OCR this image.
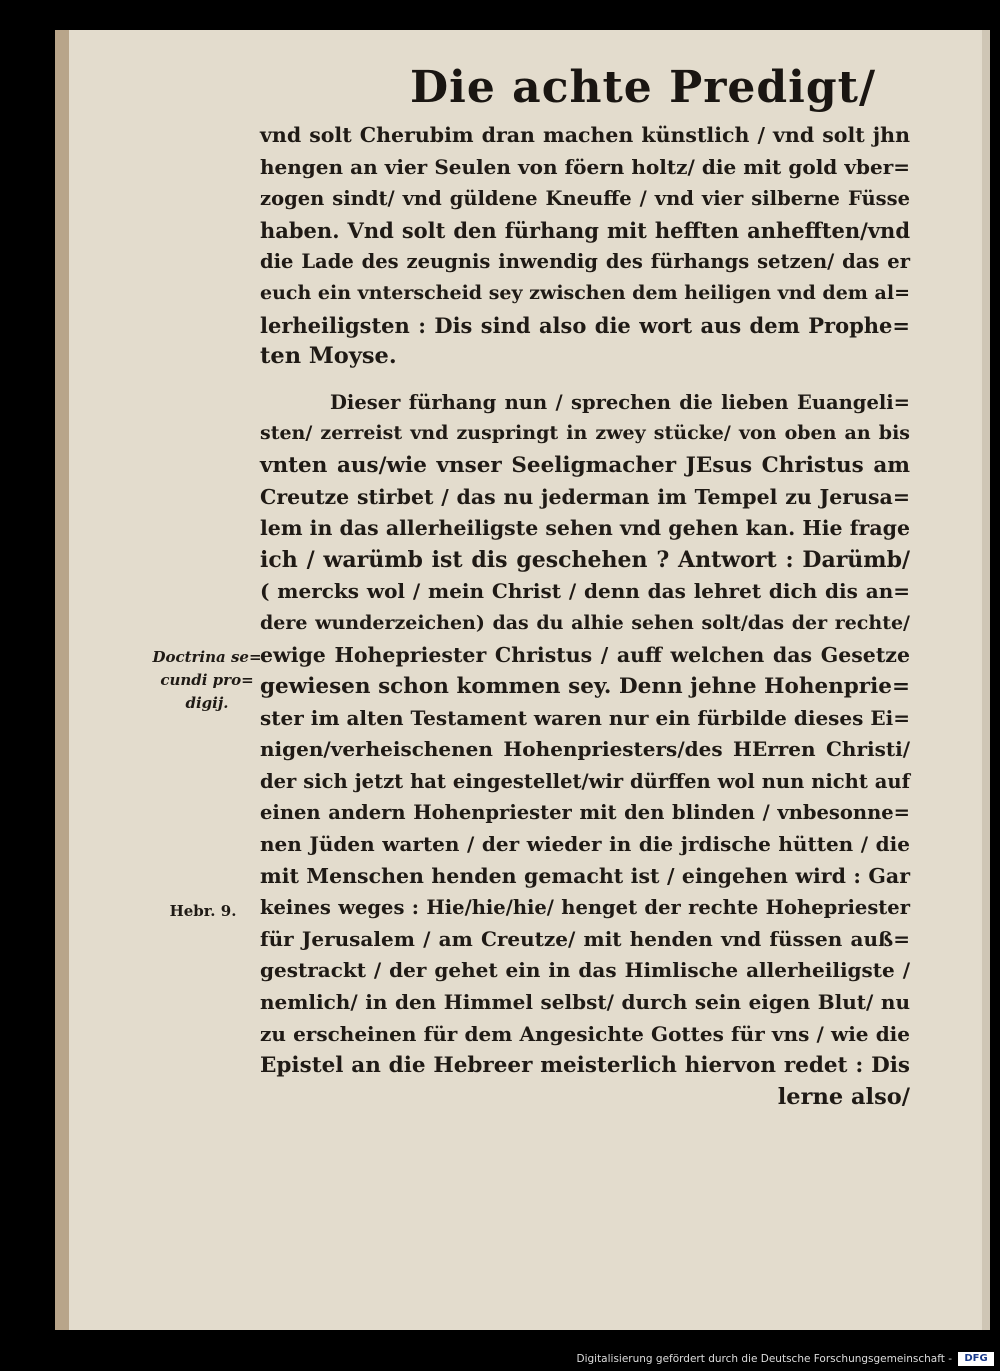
Die achte Predigt/
vnd solt Cherubim dran machen künstlich / vnd solt jhn
hengen an vier Seulen von föern holtz/ die mit gold vber=
zogen sindt/ vnd güldene Kneuffe / vnd vier silberne Füsse
haben. Vnd solt den fürhang mit hefften anhefften/vnd
die Lade des zeugnis inwendig des fürhangs setzen/ das er
euch ein vnterscheid sey zwischen dem heiligen vnd dem al=
lerheiligsten : Dis sind also die wort aus dem Prophe=
ten Moyse.
Dieser fürhang nun / sprechen die lieben Euangeli=
sten/ zerreist vnd zuspringt in zwey stücke/ von oben an bis
vnten aus/wie vnser Seeligmacher JEsus Christus am
Creutze stirbet / das nu jederman im Tempel zu Jerusa=
lem in das allerheiligste sehen vnd gehen kan. Hie frage
ich / warümb ist dis geschehen ? Antwort : Darümb/
( mercks wol / mein Christ / denn das lehret dich dis an=
dere wunderzeichen) das du alhie sehen solt/das der rechte/
ewige Hohepriester Christus / auff welchen das Gesetze
gewiesen schon kommen sey. Denn jehne Hohenprie=
ster im alten Testament waren nur ein fürbilde dieses Ei=
nigen/verheischenen Hohenpriesters/des HErren Christi/
der sich jetzt hat eingestellet/wir dürffen wol nun nicht auf
einen andern Hohenpriester mit den blinden / vnbesonne=
nen Jüden warten / der wieder in die jrdische hütten / die
mit Menschen henden gemacht ist / eingehen wird : Gar
keines weges : Hie/hie/hie/ henget der rechte Hohepriester
für Jerusalem / am Creutze/ mit henden vnd füssen auß=
gestrackt / der gehet ein in das Himlische allerheiligste /
nemlich/ in den Himmel selbst/ durch sein eigen Blut/ nu
zu erscheinen für dem Angesichte Gottes für vns / wie die
Epistel an die Hebreer meisterlich hiervon redet : Dis
lerne also/
Doctrina se=
cundi pro=
digij.
Hebr. 9.
Digitalisierung gefördert durch die Deutsche Forschungsgemeinschaft -	DFG
